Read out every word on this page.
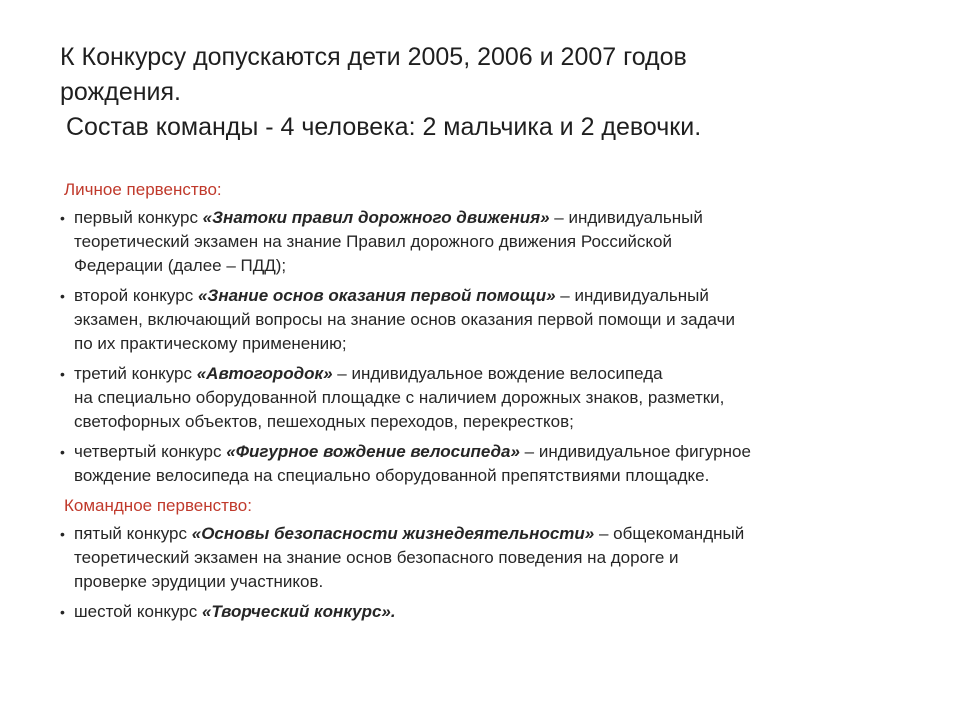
К Конкурсу допускаются дети 2005, 2006 и 2007 годов
рождения.
Состав команды - 4 человека: 2 мальчика и 2 девочки.
Личное первенство:
• первый конкурс «Знатоки правил дорожного движения» – индивидуальный
теоретический экзамен на знание Правил дорожного движения Российской
Федерации (далее – ПДД);
• второй конкурс «Знание основ оказания первой помощи» – индивидуальный
экзамен, включающий вопросы на знание основ оказания первой помощи и задачи
по их практическому применению;
• третий конкурс «Автогородок» – индивидуальное вождение велосипеда
на специально оборудованной площадке с наличием дорожных знаков, разметки,
светофорных объектов, пешеходных переходов, перекрестков;
• четвертый конкурс «Фигурное вождение велосипеда» – индивидуальное фигурное
вождение велосипеда на специально оборудованной препятствиями площадке.
Командное первенство:
• пятый конкурс «Основы безопасности жизнедеятельности» – общекомандный
теоретический экзамен на знание основ безопасного поведения на дороге и
проверке эрудиции участников.
• шестой конкурс «Творческий конкурс».
